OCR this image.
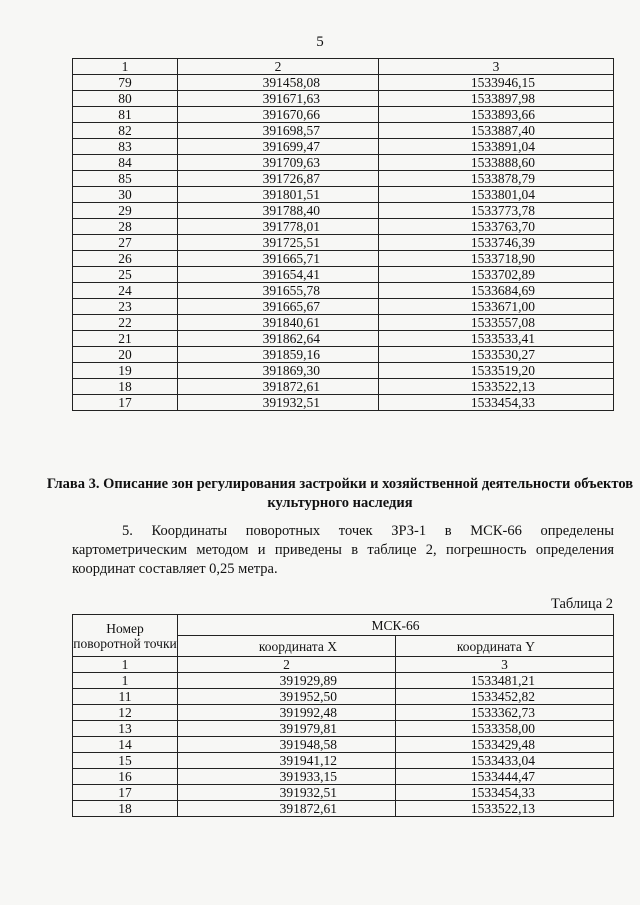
5
1	2	3
79	391458,08	1533946,15
80	391671,63	1533897,98
81	391670,66	1533893,66
82	391698,57	1533887,40
83	391699,47	1533891,04
84	391709,63	1533888,60
85	391726,87	1533878,79
30	391801,51	1533801,04
29	391788,40	1533773,78
28	391778,01	1533763,70
27	391725,51	1533746,39
26	391665,71	1533718,90
25	391654,41	1533702,89
24	391655,78	1533684,69
23	391665,67	1533671,00
22	391840,61	1533557,08
21	391862,64	1533533,41
20	391859,16	1533530,27
19	391869,30	1533519,20
18	391872,61	1533522,13
17	391932,51	1533454,33
Глава 3. Описание зон регулирования застройки и хозяйственной деятельности объектов культурного наследия
5. Координаты поворотных точек ЗРЗ-1 в МСК-66 определены картометрическим методом и приведены в таблице 2, погрешность определения координат составляет 0,25 метра.
Таблица 2
Номер поворотной точки	МСК-66	
	координата X	координата Y
1	2	3
1	391929,89	1533481,21
11	391952,50	1533452,82
12	391992,48	1533362,73
13	391979,81	1533358,00
14	391948,58	1533429,48
15	391941,12	1533433,04
16	391933,15	1533444,47
17	391932,51	1533454,33
18	391872,61	1533522,13
